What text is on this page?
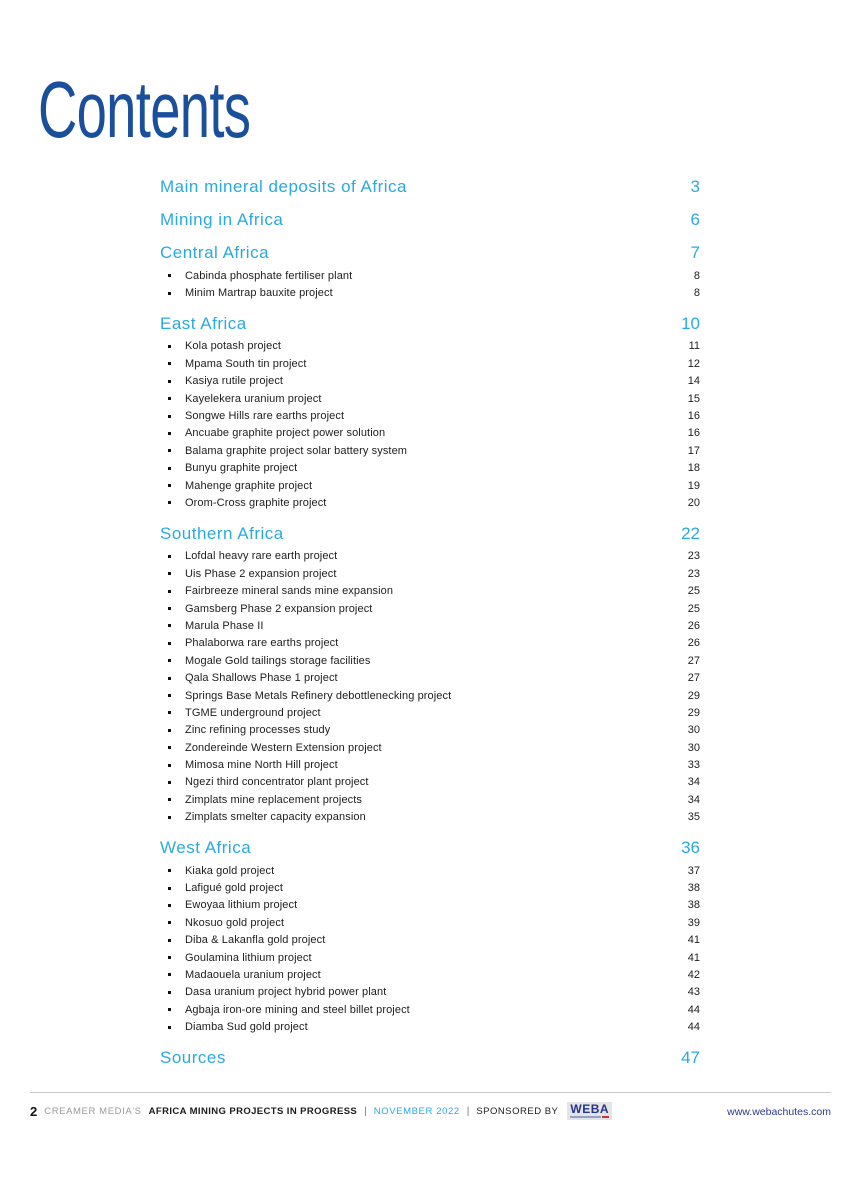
Contents
Main mineral deposits of Africa	3
Mining in Africa	6
Central Africa	7
Cabinda phosphate fertiliser plant	8
Minim Martrap bauxite project	8
East Africa	10
Kola potash project	11
Mpama South tin project	12
Kasiya rutile project	14
Kayelekera uranium project	15
Songwe Hills rare earths project	16
Ancuabe graphite project power solution	16
Balama graphite project solar battery system	17
Bunyu graphite project	18
Mahenge graphite project	19
Orom-Cross graphite project	20
Southern Africa	22
Lofdal heavy rare earth project	23
Uis Phase 2 expansion project	23
Fairbreeze mineral sands mine expansion	25
Gamsberg Phase 2 expansion project	25
Marula Phase II	26
Phalaborwa rare earths project	26
Mogale Gold tailings storage facilities	27
Qala Shallows Phase 1 project	27
Springs Base Metals Refinery debottlenecking project	29
TGME underground project	29
Zinc refining processes study	30
Zondereinde Western Extension project	30
Mimosa mine North Hill project	33
Ngezi third concentrator plant project	34
Zimplats mine replacement projects	34
Zimplats smelter capacity expansion	35
West Africa	36
Kiaka gold project	37
Lafigué gold project	38
Ewoyaa lithium project	38
Nkosuo gold project	39
Diba & Lakanfla gold project	41
Goulamina lithium project	41
Madaouela uranium project	42
Dasa uranium project hybrid power plant	43
Agbaja iron-ore mining and steel billet project	44
Diamba Sud gold project	44
Sources	47
2 CREAMER MEDIA'S AFRICA MINING PROJECTS IN PROGRESS | NOVEMBER 2022 | SPONSORED BY WEBA	www.webachutes.com
